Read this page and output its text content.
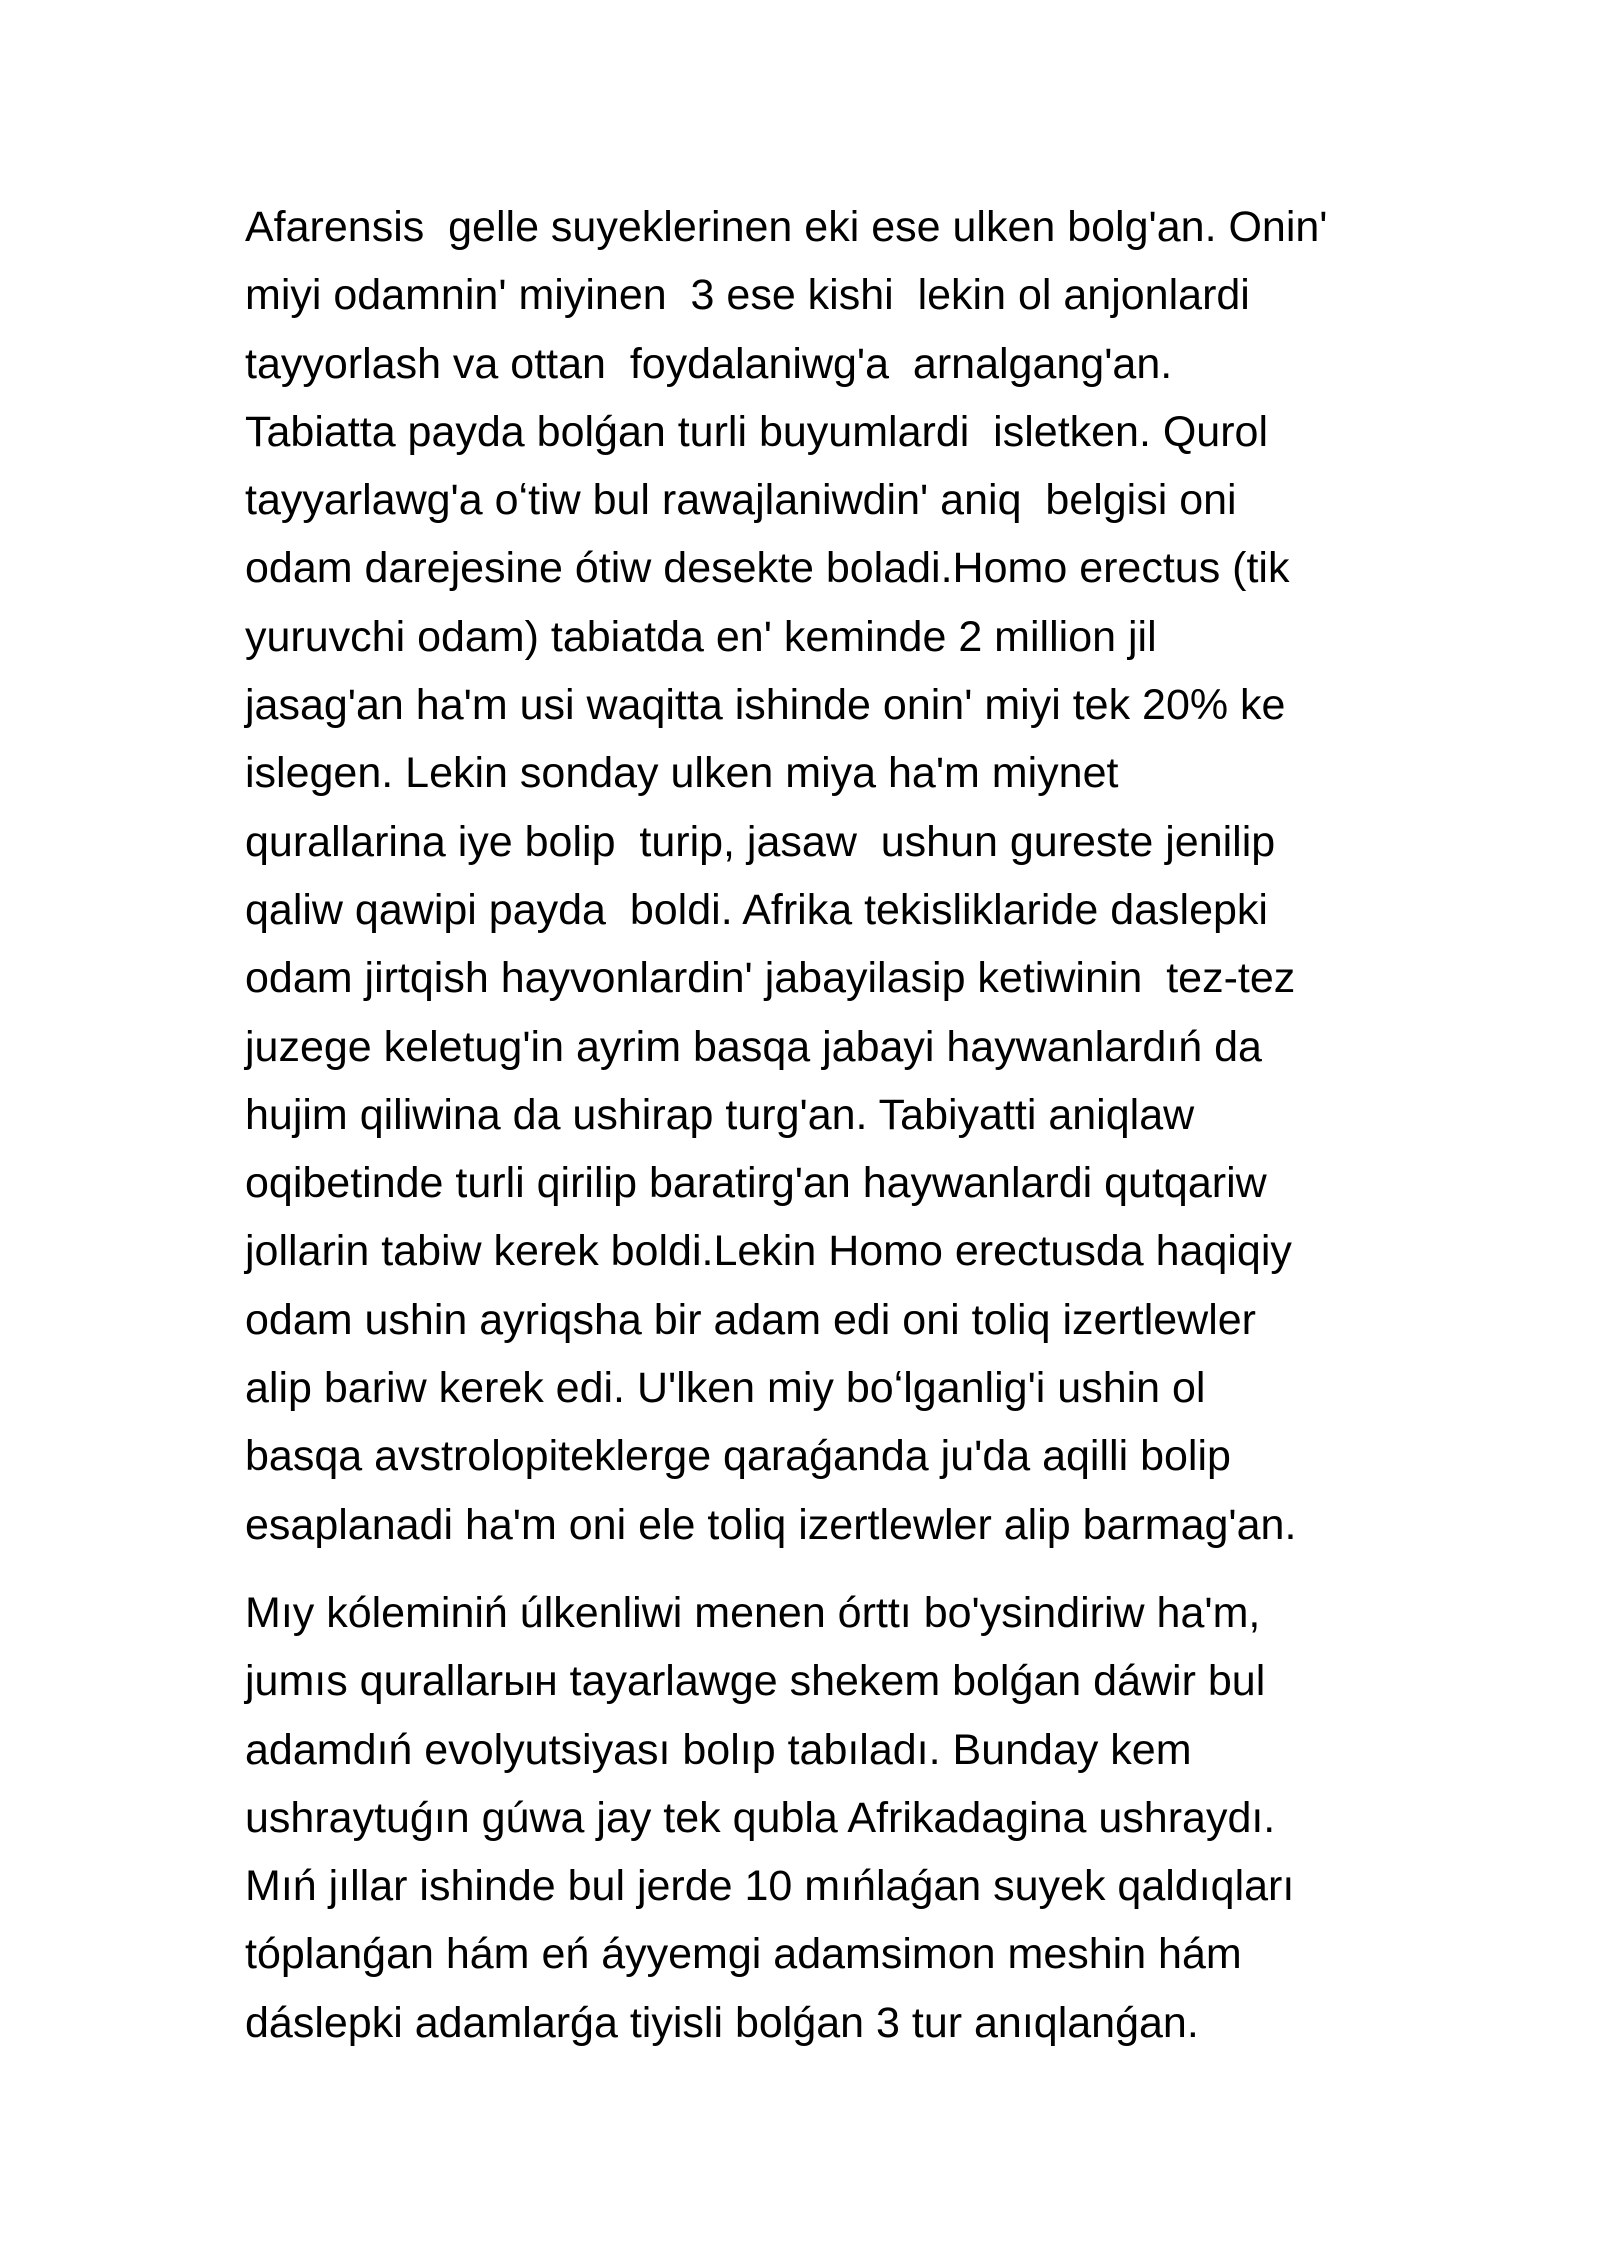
Afarensis  gelle suyeklerinen eki ese ulken bolg'an. Onin'
miyi odamnin' miyinen  3 ese kishi  lekin ol anjonlardi
tayyorlash va ottan  foydalaniwg'a  arnalgang'an.
Tabiatta payda bolǵan turli buyumlardi  isletken. Qurol
tayyarlawg'a oʻtiw bul rawajlaniwdin' aniq  belgisi oni
odam darejesine ótiw desekte boladi.Homo erectus (tik
yuruvchi odam) tabiatda en' keminde 2 million jil
jasag'an ha'm usi waqitta ishinde onin' miyi tek 20% ke
islegen. Lekin sonday ulken miya ha'm miynet
qurallarina iye bolip  turip, jasaw  ushun gureste jenilip
qaliw qawipi payda  boldi. Afrika tekisliklaride daslepki
odam jirtqish hayvonlardin' jabayilasip ketiwinin  tez-tez
juzege keletug'in ayrim basqa jabayi haywanlardıń da
hujim qiliwina da ushirap turg'an. Tabiyatti aniqlaw
oqibetinde turli qirilip baratirg'an haywanlardi qutqariw
jollarin tabiw kerek boldi.Lekin Homo erectusda haqiqiy
odam ushin ayriqsha bir adam edi oni toliq izertlewler
alip bariw kerek edi. U'lken miy boʻlganlig'i ushin ol
basqa avstrolopiteklerge qaraǵanda ju'da aqilli bolip
esaplanadi ha'm oni ele toliq izertlewler alip barmag'an.

Mıy kóleminiń úlkenliwi menen órttı bo'ysindiriw ha'm,
jumıs qurallarын tayarlawge shekem bolǵan dáwir bul
adamdıń evolyutsiyası bolıp tabıladı. Bunday kem
ushraytuǵın gúwa jay tek qubla Afrikadagina ushraydı.
Mıń jıllar ishinde bul jerde 10 mıńlaǵan suyek qaldıqları
tóplanǵan hám eń áyyemgi adamsimon meshin hám
dáslepki adamlarǵa tiyisli bolǵan 3 tur anıqlanǵan.
